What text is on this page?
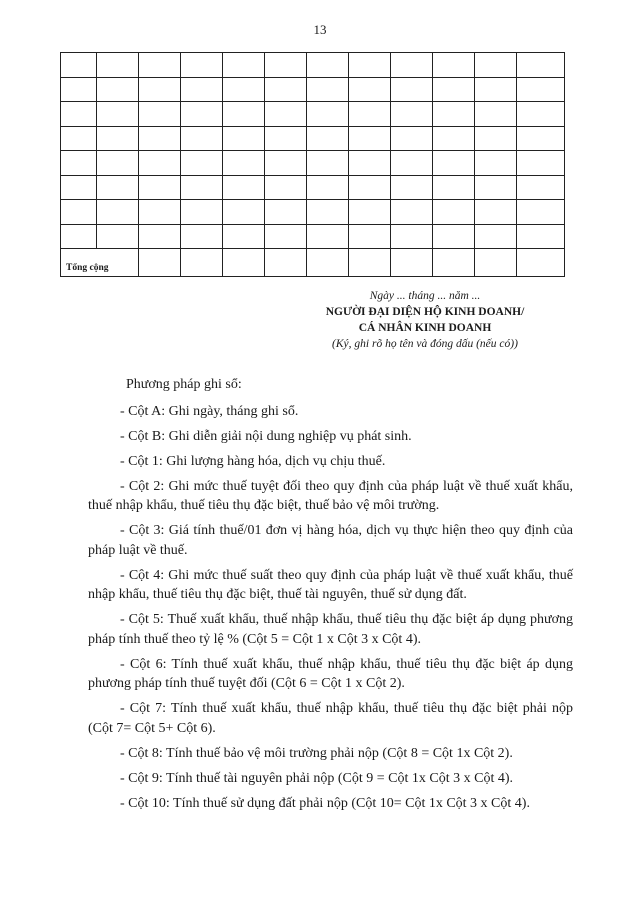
13

Tổng cộng											
Ngày ... tháng ... năm ...
NGƯỜI ĐẠI DIỆN HỘ KINH DOANH/
CÁ NHÂN KINH DOANH
(Ký, ghi rõ họ tên và đóng dấu (nếu có))

Phương pháp ghi sổ:

- Cột A: Ghi ngày, tháng ghi sổ.

- Cột B: Ghi diễn giải nội dung nghiệp vụ phát sinh.

- Cột 1: Ghi lượng hàng hóa, dịch vụ chịu thuế.

- Cột 2: Ghi mức thuế tuyệt đối theo quy định của pháp luật về thuế xuất khẩu, thuế nhập khẩu, thuế tiêu thụ đặc biệt, thuế bảo vệ môi trường.

- Cột 3: Giá tính thuế/01 đơn vị hàng hóa, dịch vụ thực hiện theo quy định của pháp luật về thuế.

- Cột 4: Ghi mức thuế suất theo quy định của pháp luật về thuế xuất khẩu, thuế nhập khẩu, thuế tiêu thụ đặc biệt, thuế tài nguyên, thuế sử dụng đất.

- Cột 5: Thuế xuất khẩu, thuế nhập khẩu, thuế tiêu thụ đặc biệt áp dụng phương pháp tính thuế theo tỷ lệ % (Cột 5 = Cột 1 x Cột 3 x Cột 4).

- Cột 6: Tính thuế xuất khẩu, thuế nhập khẩu, thuế tiêu thụ đặc biệt áp dụng phương pháp tính thuế tuyệt đối (Cột 6 = Cột 1 x Cột 2).

- Cột 7: Tính thuế xuất khẩu, thuế nhập khẩu, thuế tiêu thụ đặc biệt phải nộp (Cột 7= Cột 5+ Cột 6).

- Cột 8: Tính thuế bảo vệ môi trường phải nộp (Cột 8 = Cột 1x Cột 2).

- Cột 9: Tính thuế tài nguyên phải nộp (Cột 9 = Cột 1x Cột 3 x Cột 4).

- Cột 10: Tính thuế sử dụng đất phải nộp (Cột 10= Cột 1x Cột 3 x Cột 4).
